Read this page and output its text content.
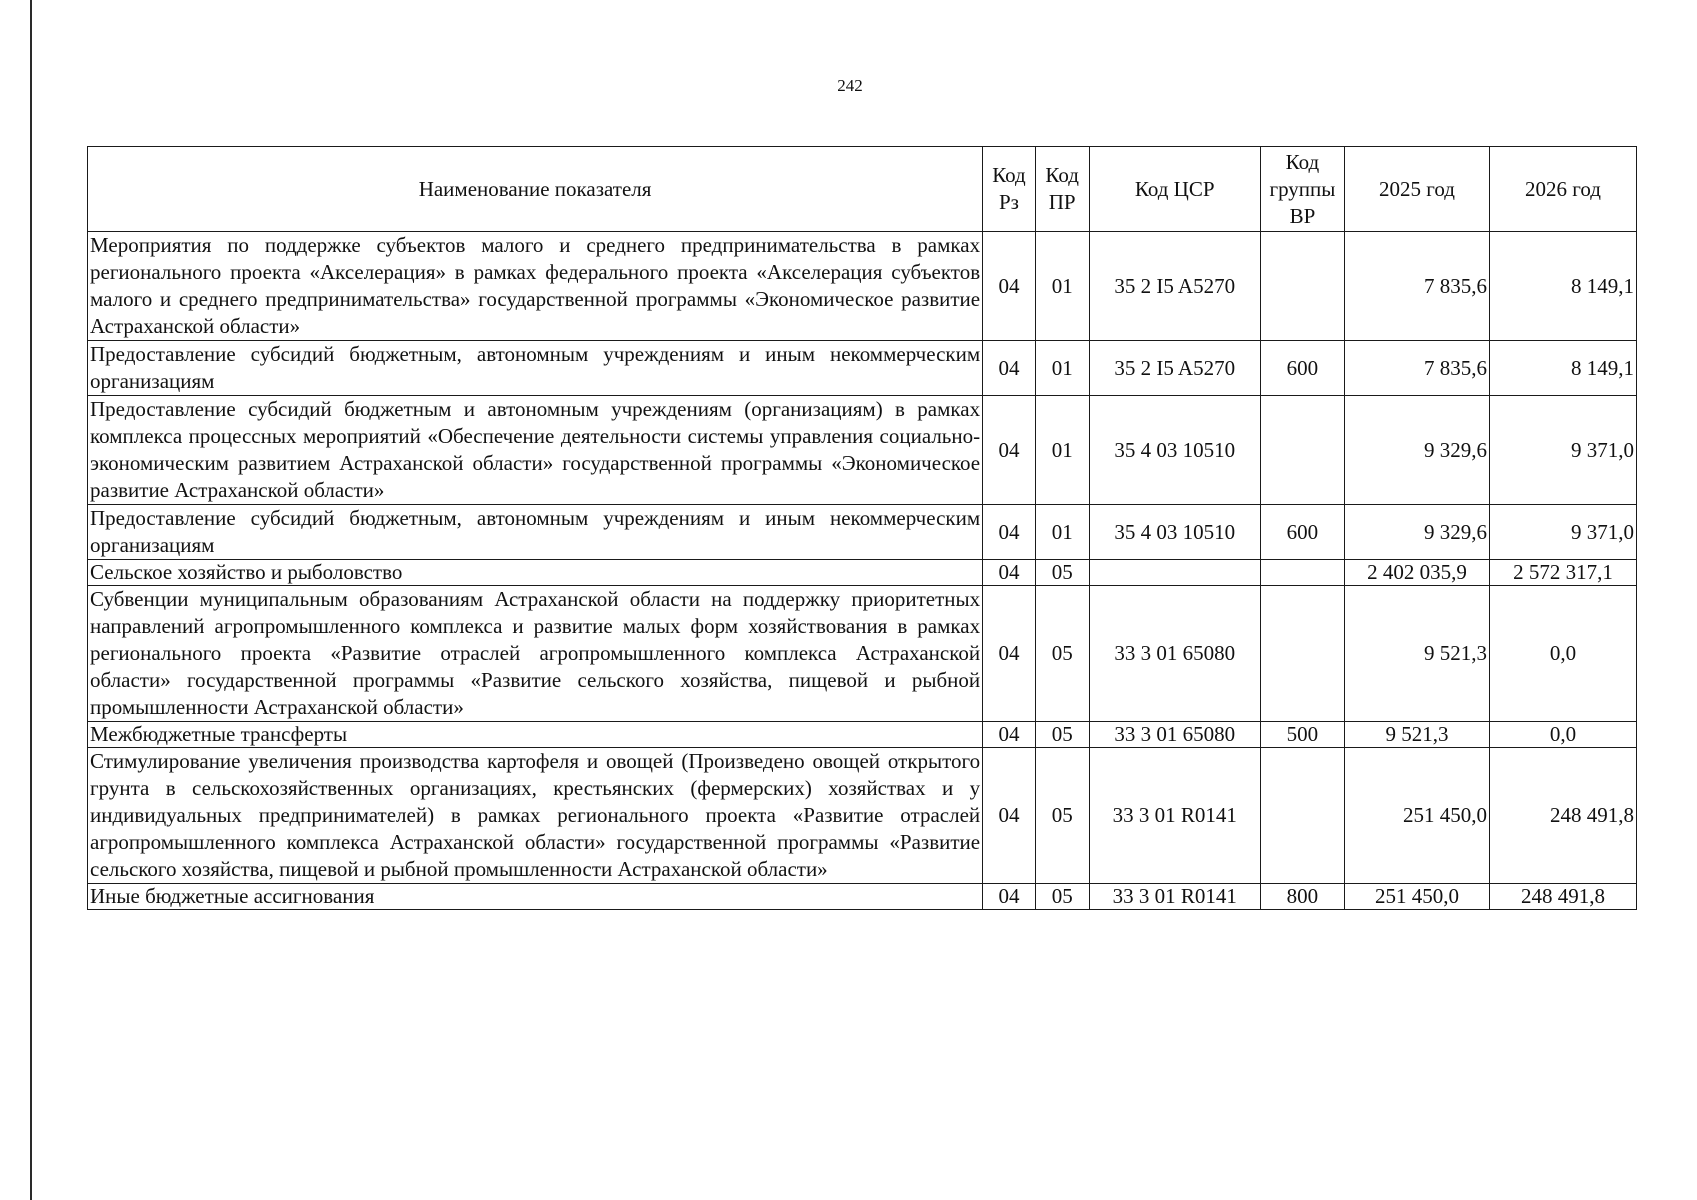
242
Наименование показателя	Код Рз	Код ПР	Код ЦСР	Код группы ВР	2025 год	2026 год
Мероприятия по поддержке субъектов малого и среднего предпринимательства в рамках регионального проекта «Акселерация» в рамках федерального проекта «Акселерация субъектов малого и среднего предпринимательства» государственной программы «Экономическое развитие Астраханской области»	04	01	35 2 I5 A5270		7 835,6	8 149,1
Предоставление субсидий бюджетным, автономным учреждениям и иным некоммерческим организациям	04	01	35 2 I5 A5270	600	7 835,6	8 149,1
Предоставление субсидий бюджетным и автономным учреждениям (организациям) в рамках комплекса процессных мероприятий «Обеспечение деятельности системы управления социально-экономическим развитием Астраханской области» государственной программы «Экономическое развитие Астраханской области»	04	01	35 4 03 10510		9 329,6	9 371,0
Предоставление субсидий бюджетным, автономным учреждениям и иным некоммерческим организациям	04	01	35 4 03 10510	600	9 329,6	9 371,0
Сельское хозяйство и рыболовство	04	05			2 402 035,9	2 572 317,1
Субвенции муниципальным образованиям Астраханской области на поддержку приоритетных направлений агропромышленного комплекса и развитие малых форм хозяйствования в рамках регионального проекта «Развитие отраслей агропромышленного комплекса Астраханской области» государственной программы «Развитие сельского хозяйства, пищевой и рыбной промышленности Астраханской области»	04	05	33 3 01 65080		9 521,3	0,0
Межбюджетные трансферты	04	05	33 3 01 65080	500	9 521,3	0,0
Стимулирование увеличения производства картофеля и овощей (Произведено овощей открытого грунта в сельскохозяйственных организациях, крестьянских (фермерских) хозяйствах и у индивидуальных предпринимателей) в рамках регионального проекта «Развитие отраслей агропромышленного комплекса Астраханской области» государственной программы «Развитие сельского хозяйства, пищевой и рыбной промышленности Астраханской области»	04	05	33 3 01 R0141		251 450,0	248 491,8
Иные бюджетные ассигнования	04	05	33 3 01 R0141	800	251 450,0	248 491,8
